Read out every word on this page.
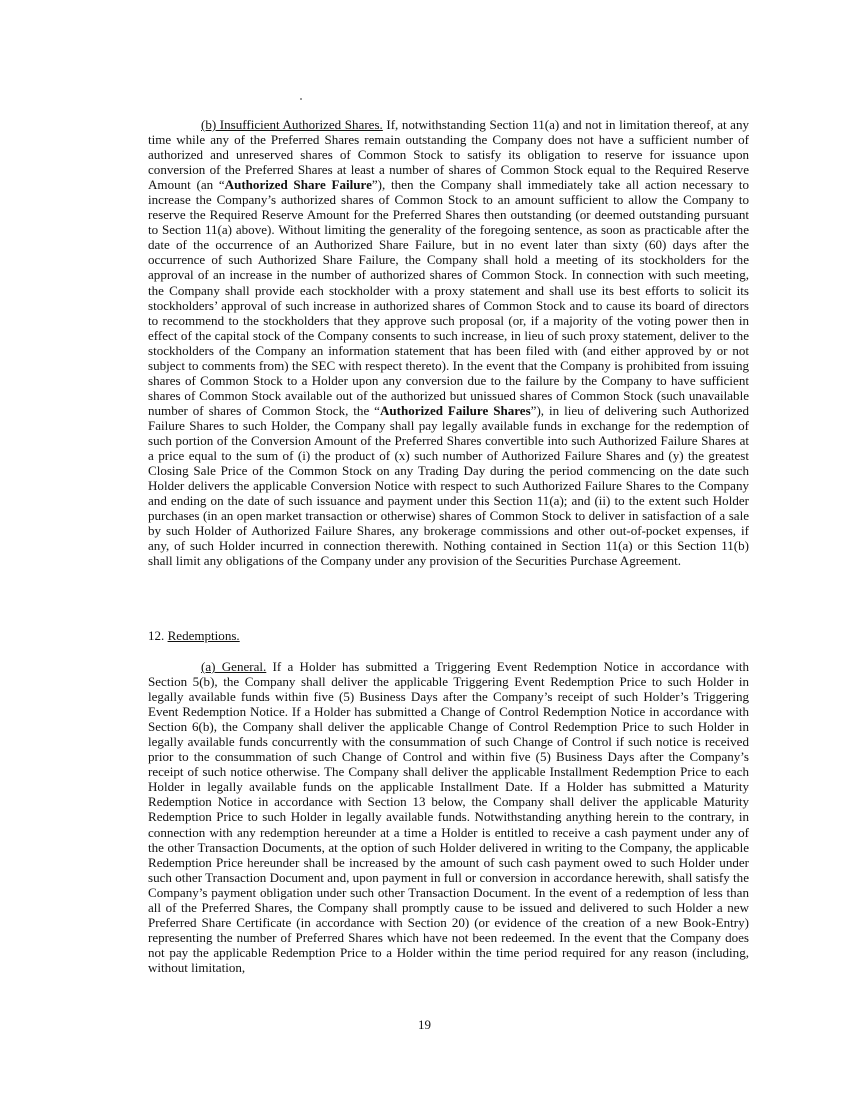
(b) Insufficient Authorized Shares. If, notwithstanding Section 11(a) and not in limitation thereof, at any time while any of the Preferred Shares remain outstanding the Company does not have a sufficient number of authorized and unreserved shares of Common Stock to satisfy its obligation to reserve for issuance upon conversion of the Preferred Shares at least a number of shares of Common Stock equal to the Required Reserve Amount (an “Authorized Share Failure”), then the Company shall immediately take all action necessary to increase the Company’s authorized shares of Common Stock to an amount sufficient to allow the Company to reserve the Required Reserve Amount for the Preferred Shares then outstanding (or deemed outstanding pursuant to Section 11(a) above). Without limiting the generality of the foregoing sentence, as soon as practicable after the date of the occurrence of an Authorized Share Failure, but in no event later than sixty (60) days after the occurrence of such Authorized Share Failure, the Company shall hold a meeting of its stockholders for the approval of an increase in the number of authorized shares of Common Stock. In connection with such meeting, the Company shall provide each stockholder with a proxy statement and shall use its best efforts to solicit its stockholders’ approval of such increase in authorized shares of Common Stock and to cause its board of directors to recommend to the stockholders that they approve such proposal (or, if a majority of the voting power then in effect of the capital stock of the Company consents to such increase, in lieu of such proxy statement, deliver to the stockholders of the Company an information statement that has been filed with (and either approved by or not subject to comments from) the SEC with respect thereto). In the event that the Company is prohibited from issuing shares of Common Stock to a Holder upon any conversion due to the failure by the Company to have sufficient shares of Common Stock available out of the authorized but unissued shares of Common Stock (such unavailable number of shares of Common Stock, the “Authorized Failure Shares”), in lieu of delivering such Authorized Failure Shares to such Holder, the Company shall pay legally available funds in exchange for the redemption of such portion of the Conversion Amount of the Preferred Shares convertible into such Authorized Failure Shares at a price equal to the sum of (i) the product of (x) such number of Authorized Failure Shares and (y) the greatest Closing Sale Price of the Common Stock on any Trading Day during the period commencing on the date such Holder delivers the applicable Conversion Notice with respect to such Authorized Failure Shares to the Company and ending on the date of such issuance and payment under this Section 11(a); and (ii) to the extent such Holder purchases (in an open market transaction or otherwise) shares of Common Stock to deliver in satisfaction of a sale by such Holder of Authorized Failure Shares, any brokerage commissions and other out-of-pocket expenses, if any, of such Holder incurred in connection therewith. Nothing contained in Section 11(a) or this Section 11(b) shall limit any obligations of the Company under any provision of the Securities Purchase Agreement.

12. Redemptions.

(a) General. If a Holder has submitted a Triggering Event Redemption Notice in accordance with Section 5(b), the Company shall deliver the applicable Triggering Event Redemption Price to such Holder in legally available funds within five (5) Business Days after the Company’s receipt of such Holder’s Triggering Event Redemption Notice. If a Holder has submitted a Change of Control Redemption Notice in accordance with Section 6(b), the Company shall deliver the applicable Change of Control Redemption Price to such Holder in legally available funds concurrently with the consummation of such Change of Control if such notice is received prior to the consummation of such Change of Control and within five (5) Business Days after the Company’s receipt of such notice otherwise. The Company shall deliver the applicable Installment Redemption Price to each Holder in legally available funds on the applicable Installment Date. If a Holder has submitted a Maturity Redemption Notice in accordance with Section 13 below, the Company shall deliver the applicable Maturity Redemption Price to such Holder in legally available funds. Notwithstanding anything herein to the contrary, in connection with any redemption hereunder at a time a Holder is entitled to receive a cash payment under any of the other Transaction Documents, at the option of such Holder delivered in writing to the Company, the applicable Redemption Price hereunder shall be increased by the amount of such cash payment owed to such Holder under such other Transaction Document and, upon payment in full or conversion in accordance herewith, shall satisfy the Company’s payment obligation under such other Transaction Document. In the event of a redemption of less than all of the Preferred Shares, the Company shall promptly cause to be issued and delivered to such Holder a new Preferred Share Certificate (in accordance with Section 20) (or evidence of the creation of a new Book-Entry) representing the number of Preferred Shares which have not been redeemed. In the event that the Company does not pay the applicable Redemption Price to a Holder within the time period required for any reason (including, without limitation,

19
